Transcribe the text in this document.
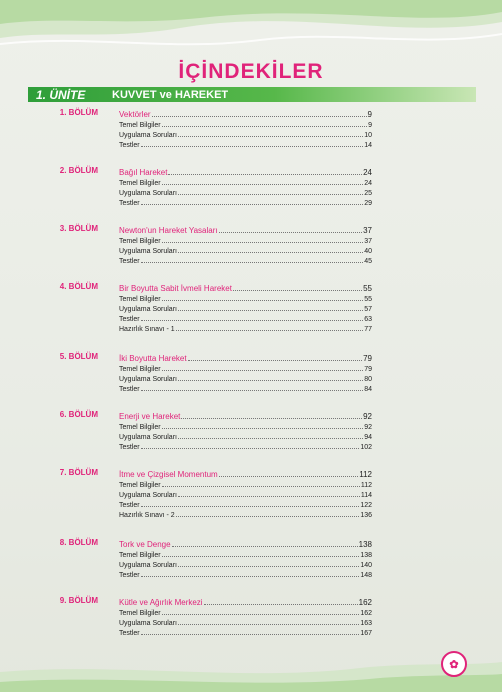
İÇİNDEKİLER
1. ÜNİTE	KUVVET ve HAREKET
1. BÖLÜM	Vektörler	9
Temel Bilgiler	9
Uygulama Soruları	10
Testler	14
2. BÖLÜM	Bağıl Hareket	24
Temel Bilgiler	24
Uygulama Soruları	25
Testler	29
3. BÖLÜM	Newton'un Hareket Yasaları	37
Temel Bilgiler	37
Uygulama Soruları	40
Testler	45
4. BÖLÜM	Bir Boyutta Sabit İvmeli Hareket	55
Temel Bilgiler	55
Uygulama Soruları	57
Testler	63
Hazırlık Sınavı - 1	77
5. BÖLÜM	İki Boyutta Hareket	79
Temel Bilgiler	79
Uygulama Soruları	80
Testler	84
6. BÖLÜM	Enerji ve Hareket	92
Temel Bilgiler	92
Uygulama Soruları	94
Testler	102
7. BÖLÜM	İtme ve Çizgisel Momentum	112
Temel Bilgiler	112
Uygulama Soruları	114
Testler	122
Hazırlık Sınavı - 2	136
8. BÖLÜM	Tork ve Denge	138
Temel Bilgiler	138
Uygulama Soruları	140
Testler	148
9. BÖLÜM	Kütle ve Ağırlık Merkezi	162
Temel Bilgiler	162
Uygulama Soruları	163
Testler	167
✿
